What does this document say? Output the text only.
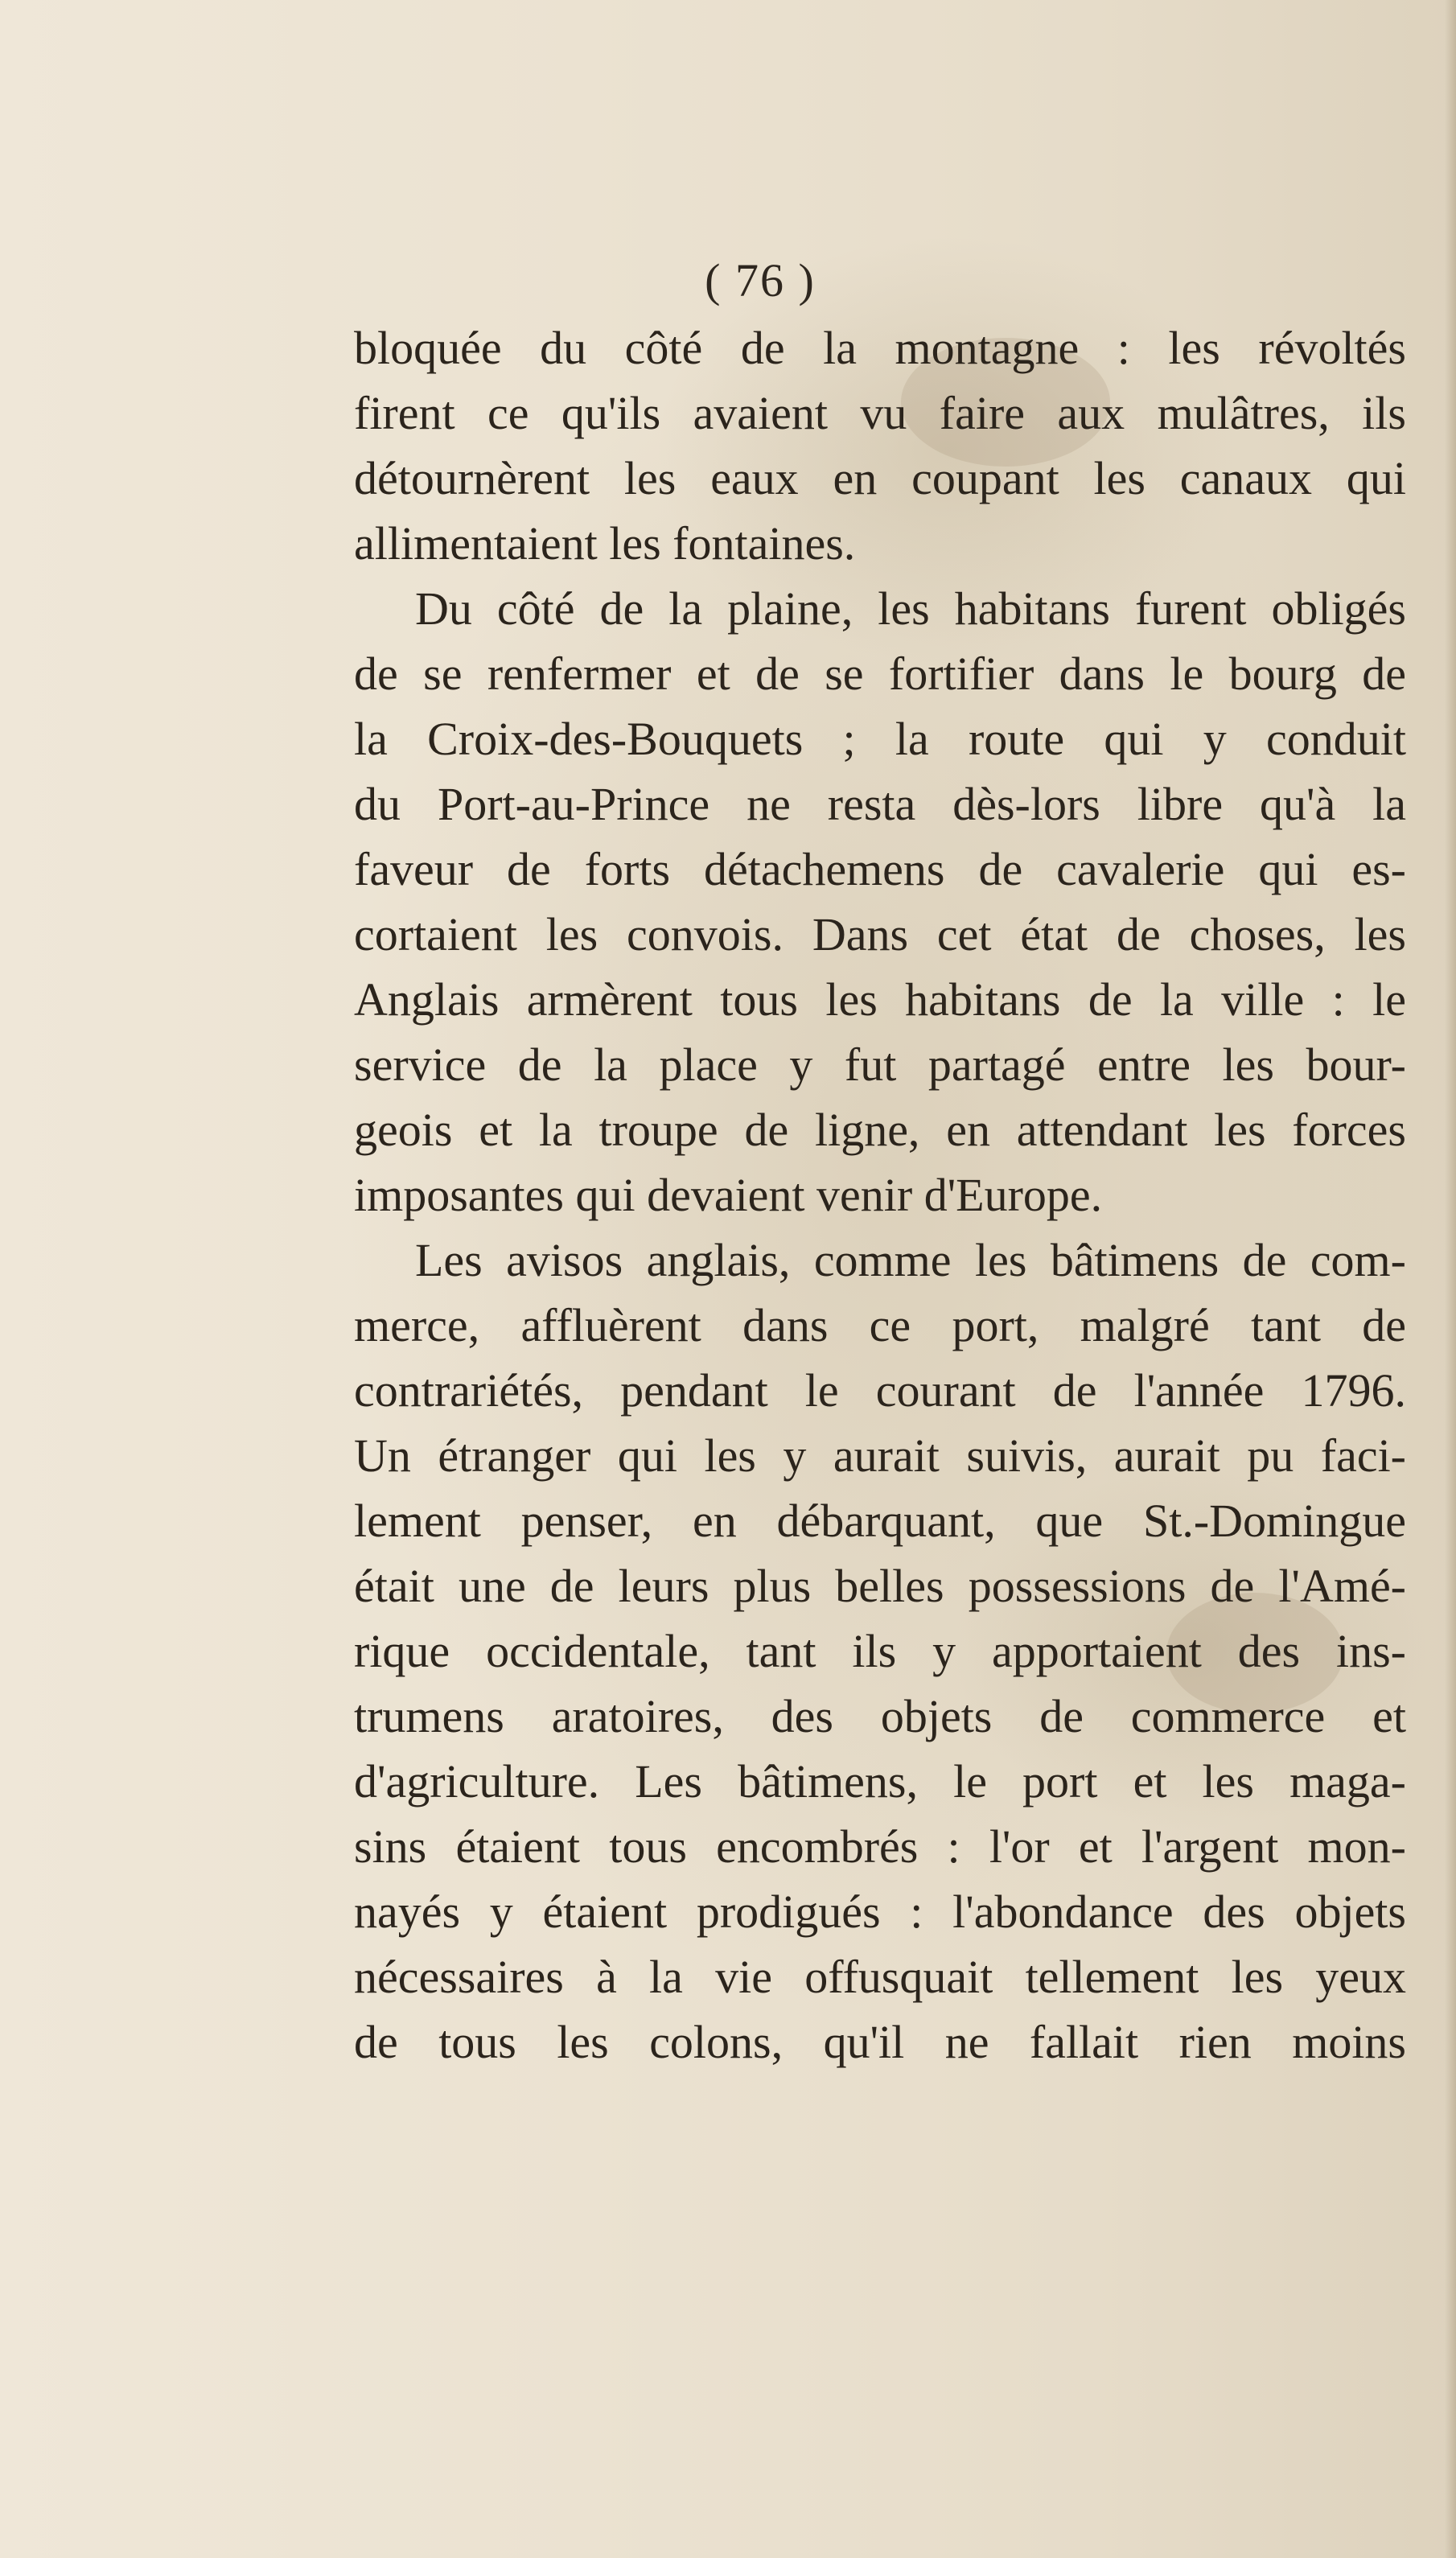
( 76 )
bloquée du côté de la montagne : les révoltés
firent ce qu'ils avaient vu faire aux mulâtres, ils
détournèrent les eaux en coupant les canaux qui
allimentaient les fontaines.
Du côté de la plaine, les habitans furent obligés
de se renfermer et de se fortifier dans le bourg de
la Croix-des-Bouquets ; la route qui y conduit
du Port-au-Prince ne resta dès-lors libre qu'à la
faveur de forts détachemens de cavalerie qui es-
cortaient les convois. Dans cet état de choses, les
Anglais armèrent tous les habitans de la ville : le
service de la place y fut partagé entre les bour-
geois et la troupe de ligne, en attendant les forces
imposantes qui devaient venir d'Europe.
Les avisos anglais, comme les bâtimens de com-
merce, affluèrent dans ce port, malgré tant de
contrariétés, pendant le courant de l'année 1796.
Un étranger qui les y aurait suivis, aurait pu faci-
lement penser, en débarquant, que St.-Domingue
était une de leurs plus belles possessions de l'Amé-
rique occidentale, tant ils y apportaient des ins-
trumens aratoires, des objets de commerce et
d'agriculture. Les bâtimens, le port et les maga-
sins étaient tous encombrés : l'or et l'argent mon-
nayés y étaient prodigués : l'abondance des objets
nécessaires à la vie offusquait tellement les yeux
de tous les colons, qu'il ne fallait rien moins
